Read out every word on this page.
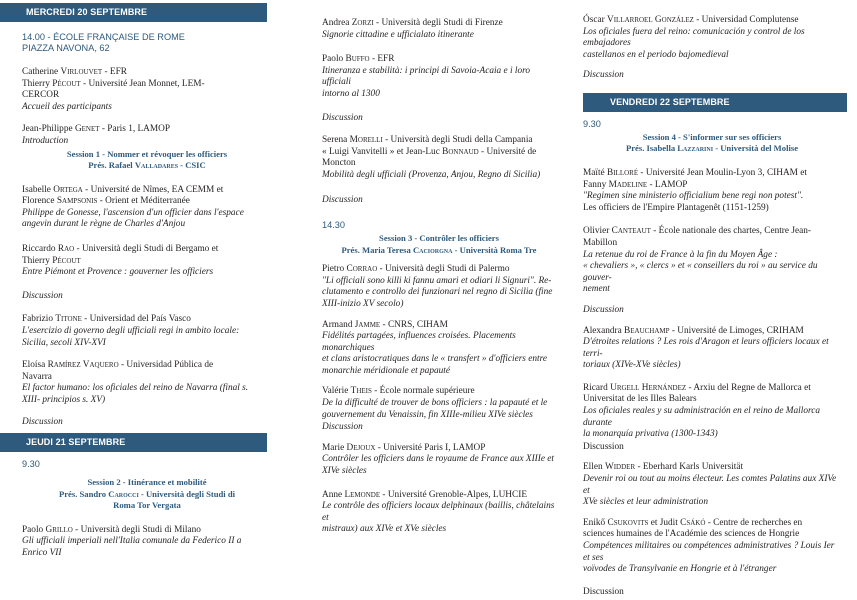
MERCREDI 20 SEPTEMBRE
14.00 - ÉCOLE FRANÇAISE DE ROME
PIAZZA NAVONA, 62
Catherine Virlouvet - EFR
Thierry Pécout - Université Jean Monnet, LEM-
CERCOR
Accueil des participants
Jean-Philippe Genet - Paris 1, LAMOP
Introduction
Session 1 - Nommer et révoquer les officiers
Prés. Rafael Valladares - CSIC
Isabelle Ortega - Université de Nîmes, EA CEMM et
Florence Sampsonis - Orient et Méditerranée
Philippe de Gonesse, l'ascension d'un officier dans l'espace
angevin durant le règne de Charles d'Anjou
Riccardo Rao - Università degli Studi di Bergamo et
Thierry Pécout
Entre Piémont et Provence : gouverner les officiers
Discussion
Fabrizio Titone - Universidad del País Vasco
L'esercizio di governo degli ufficiali regi in ambito locale:
Sicilia, secoli XIV-XVI
Eloísa Ramírez Vaquero - Universidad Pública de
Navarra
El factor humano: los oficiales del reino de Navarra (final s.
XIII- principios s. XV)
Discussion
JEUDI 21 SEPTEMBRE
9.30
Session 2 - Itinérance et mobilité
Prés. Sandro Carocci - Università degli Studi di
Roma Tor Vergata
Paolo Grillo - Università degli Studi di Milano
Gli ufficiali imperiali nell'Italia comunale da Federico II a
Enrico VII
Andrea Zorzi - Università degli Studi di Firenze
Signorie cittadine e ufficialato itinerante
Paolo Buffo - EFR
Itineranza e stabilità: i principi di Savoia-Acaia e i loro ufficiali
intorno al 1300
Discussion
Serena Morelli - Università degli Studi della Campania
« Luigi Vanvitelli » et Jean-Luc Bonnaud - Université de
Moncton
Mobilità degli ufficiali (Provenza, Anjou, Regno di Sicilia)
Discussion
14.30
Session 3 - Contrôler les officiers
Prés. Maria Teresa Caciorgna - Università Roma Tre
Pietro Corrao - Università degli Studi di Palermo
"Li officiali sono killi ki fannu amari et odiari li Signuri". Re-
clutamento e controllo dei funzionari nel regno di Sicilia (fine
XIII-inizio XV secolo)
Armand Jamme - CNRS, CIHAM
Fidélités partagées, influences croisées. Placements monarchiques
et clans aristocratiques dans le « transfert » d'officiers entre
monarchie méridionale et papauté
Valérie Theis - École normale supérieure
De la difficulté de trouver de bons officiers : la papauté et le
gouvernement du Venaissin, fin XIIIe-milieu XIVe siècles
Discussion
Marie Dejoux - Université Paris I, LAMOP
Contrôler les officiers dans le royaume de France aux XIIIe et
XIVe siècles
Anne Lemonde - Université Grenoble-Alpes, LUHCIE
Le contrôle des officiers locaux delphinaux (baillis, châtelains et
mistraux) aux XIVe et XVe siècles
Óscar Villarroel González - Universidad Complutense
Los oficiales fuera del reino: comunicación y control de los embajadores
castellanos en el periodo bajomedieval
Discussion
VENDREDI 22 SEPTEMBRE
9.30
Session 4 - S'informer sur ses officiers
Prés. Isabella Lazzarini - Università del Molise
Maïté Billoré - Université Jean Moulin-Lyon 3, CIHAM et
Fanny Madeline - LAMOP
"Regimen sine ministerio officialium bene regi non potest".
Les officiers de l'Empire Plantagenêt (1151-1259)
Olivier Canteaut - École nationale des chartes, Centre Jean-
Mabillon
La retenue du roi de France à la fin du Moyen Âge :
« chevaliers », « clercs » et « conseillers du roi » au service du gouver-
nement
Discussion
Alexandra Beauchamp - Université de Limoges, CRIHAM
D'étroites relations ? Les rois d'Aragon et leurs officiers locaux et terri-
toriaux (XIVe-XVe siècles)
Ricard Urgell Hernández - Arxiu del Regne de Mallorca et
Universitat de les Illes Balears
Los oficiales reales y su administración en el reino de Mallorca durante
la monarquía privativa (1300-1343)
Discussion
Ellen Widder - Eberhard Karls Universität
Devenir roi ou tout au moins électeur. Les comtes Palatins aux XIVe et
XVe siècles et leur administration
Enikő Csukovits et Judit Csákó - Centre de recherches en
sciences humaines de l'Académie des sciences de Hongrie
Compétences militaires ou compétences administratives ? Louis Ier et ses
voïvodes de Transylvanie en Hongrie et à l'étranger
Discussion
